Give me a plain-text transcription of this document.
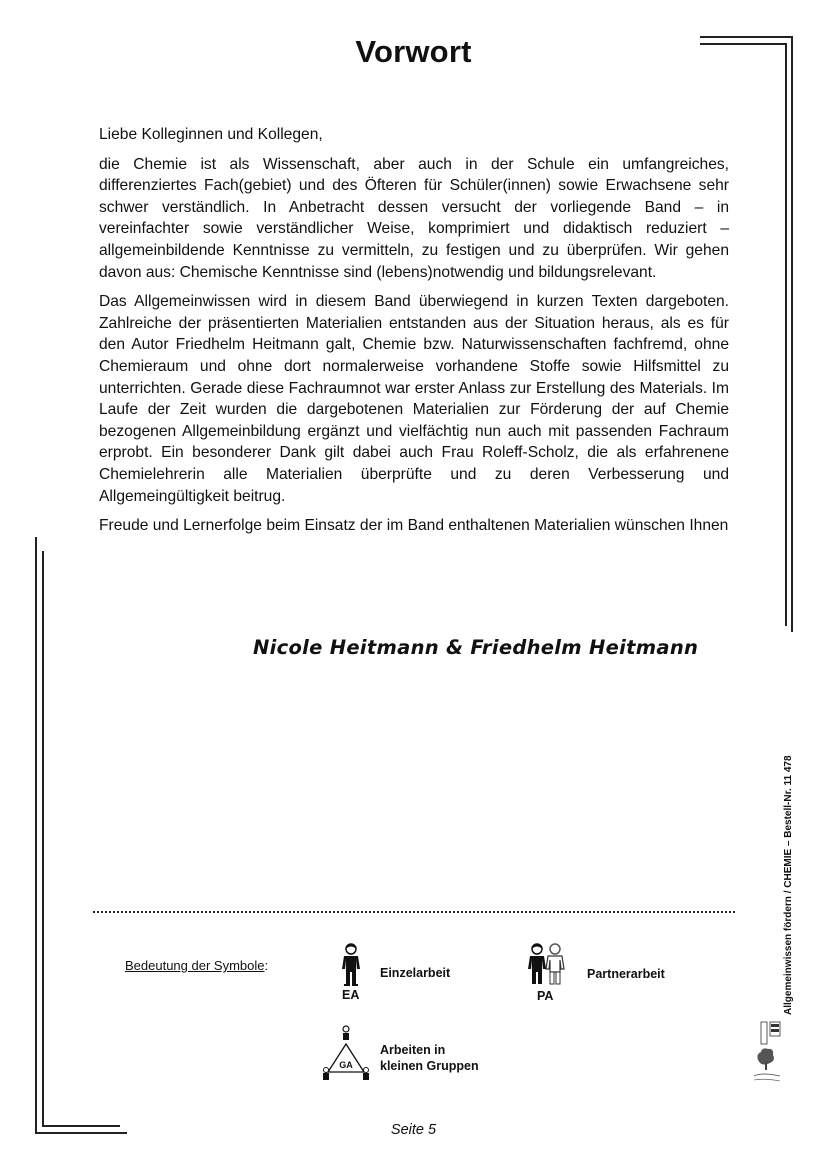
Vorwort

Liebe Kolleginnen und Kollegen,

die Chemie ist als Wissenschaft, aber auch in der Schule ein umfangreiches, differenziertes Fach(gebiet) und des Öfteren für Schüler(innen) sowie Erwachsene sehr schwer verständlich. In Anbetracht dessen versucht der vorliegende Band – in vereinfachter sowie verständlicher Weise, komprimiert und didaktisch reduziert – allgemeinbildende Kenntnisse zu vermitteln, zu festigen und zu überprüfen. Wir gehen davon aus: Chemische Kenntnisse sind (lebens)notwendig und bildungsrelevant.

Das Allgemeinwissen wird in diesem Band überwiegend in kurzen Texten dargeboten. Zahlreiche der präsentierten Materialien entstanden aus der Situation heraus, als es für den Autor Friedhelm Heitmann galt, Chemie bzw. Naturwissenschaften fachfremd, ohne Chemieraum und ohne dort normalerweise vorhandene Stoffe sowie Hilfsmittel zu unterrichten. Gerade diese Fachraumnot war erster Anlass zur Erstellung des Materials. Im Laufe der Zeit wurden die dargebotenen Materialien zur Förderung der auf Chemie bezogenen Allgemeinbildung ergänzt und vielfächtig nun auch mit passenden Fachraum erprobt. Ein besonderer Dank gilt dabei auch Frau Roleff-Scholz, die als erfahrenene Chemielehrerin alle Materialien überprüfte und zu deren Verbesserung und Allgemeingültigkeit beitrug.

Freude und Lernerfolge beim Einsatz der im Band enthaltenen Materialien wünschen Ihnen

Nicole Heitmann & Friedhelm Heitmann
Bedeutung der Symbole:
EA
Einzelarbeit
PA
Partnerarbeit
GA
Arbeiten in
kleinen Gruppen
Allgemeinwissen fördern / CHEMIE – Bestell-Nr. 11 478
Seite 5
